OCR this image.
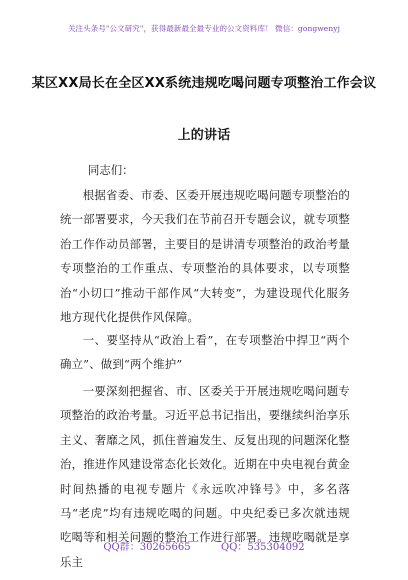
关注头条号"公文研究"，获得最新最全最专业的公文资料库！ 微信：gongwenyj
某区XX局长在全区XX系统违规吃喝问题专项整治工作会议
上的讲话
同志们：

根据省委、市委、区委开展违规吃喝问题专项整治的统一部署要求，今天我们在节前召开专题会议，就专项整治工作作动员部署，主要目的是讲清专项整治的政治考量专项整治的工作重点、专项整治的具体要求，以专项整治“小切口”推动干部作风“大转变”，为建设现代化服务地方现代化提供作风保障。

一、要坚持从“政治上看”，在专项整治中捍卫“两个确立”、做到“两个维护”

一要深刻把握省、市、区委关于开展违规吃喝问题专项整治的政治考量。习近平总书记指出，要继续纠治享乐主义、奢靡之风，抓住普遍发生、反复出现的问题深化整治，推进作风建设常态化长效化。近期在中央电视台黄金时间热播的电视专题片《永远吹冲锋号》中，多名落马“老虎”均有违规吃喝的问题。中央纪委已多次就违规吃喝等和相关问题的整治工作进行部署。违规吃喝就是享乐主

QQ群：30265665	QQ：535304092
